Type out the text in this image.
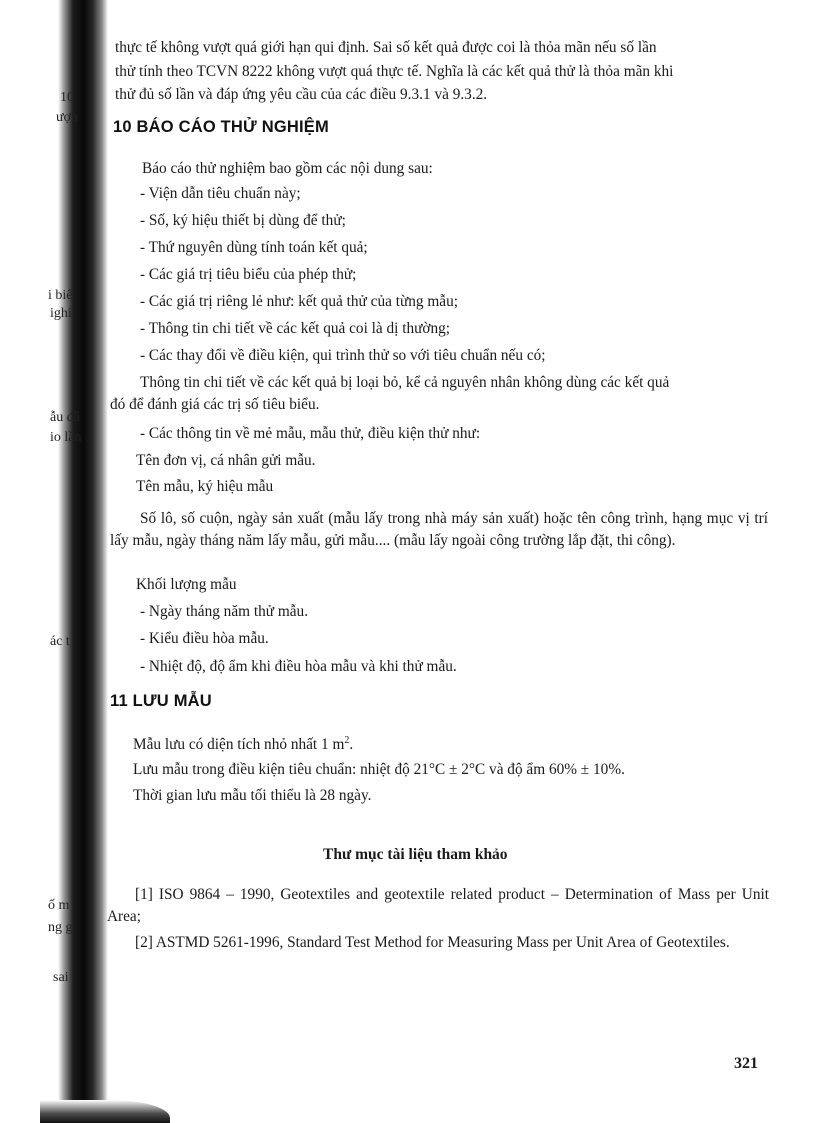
10
ượn
i biế
ighi
ẫu đã
io lần
ác t
ố m
ng g
sai

thực tế không vượt quá giới hạn qui định. Sai số kết quả được coi là thỏa mãn nếu số lần

thử tính theo TCVN 8222 không vượt quá thực tế. Nghĩa là các kết quả thử là thỏa mãn khi

thử đủ số lần và đáp ứng yêu cầu của các điều 9.3.1 và 9.3.2.

10 BÁO CÁO THỬ NGHIỆM

Báo cáo thử nghiệm bao gồm các nội dung sau:

- Viện dẫn tiêu chuẩn này;

- Số, ký hiệu thiết bị dùng để thử;

- Thứ nguyên dùng tính toán kết quả;

- Các giá trị tiêu biểu của phép thử;

- Các giá trị riêng lẻ như: kết quả thử của từng mẫu;

- Thông tin chi tiết về các kết quả coi là dị thường;

- Các thay đổi về điều kiện, qui trình thử so với tiêu chuẩn nếu có;

Thông tin chi tiết về các kết quả bị loại bỏ, kể cả nguyên nhân không dùng các kết quả

đó để đánh giá các trị số tiêu biểu.

- Các thông tin về mẻ mẫu, mẫu thử, điều kiện thử như:

Tên đơn vị, cá nhân gửi mẫu.

Tên mẫu, ký hiệu mẫu

Số lô, số cuộn, ngày sản xuất (mẫu lấy trong nhà máy sản xuất) hoặc tên công trình, hạng mục vị trí lấy mẫu, ngày tháng năm lấy mẫu, gửi mẫu.... (mẫu lấy ngoài công trường lắp đặt, thi công).

Khối lượng mẫu

- Ngày tháng năm thử mẫu.

- Kiểu điều hòa mẫu.

- Nhiệt độ, độ ẩm khi điều hòa mẫu và khi thử mẫu.

11 LƯU MẪU

Mẫu lưu có diện tích nhỏ nhất 1 $m^2$.

Lưu mẫu trong điều kiện tiêu chuẩn: nhiệt độ 21°C ± 2°C và độ ẩm 60% ± 10%.

Thời gian lưu mẫu tối thiểu là 28 ngày.

Thư mục tài liệu tham khảo

[1] ISO 9864 – 1990, Geotextiles and geotextile related product – Determination of Mass per Unit Area;

[2] ASTMD 5261-1996, Standard Test Method for Measuring Mass per Unit Area of Geotextiles.

321
